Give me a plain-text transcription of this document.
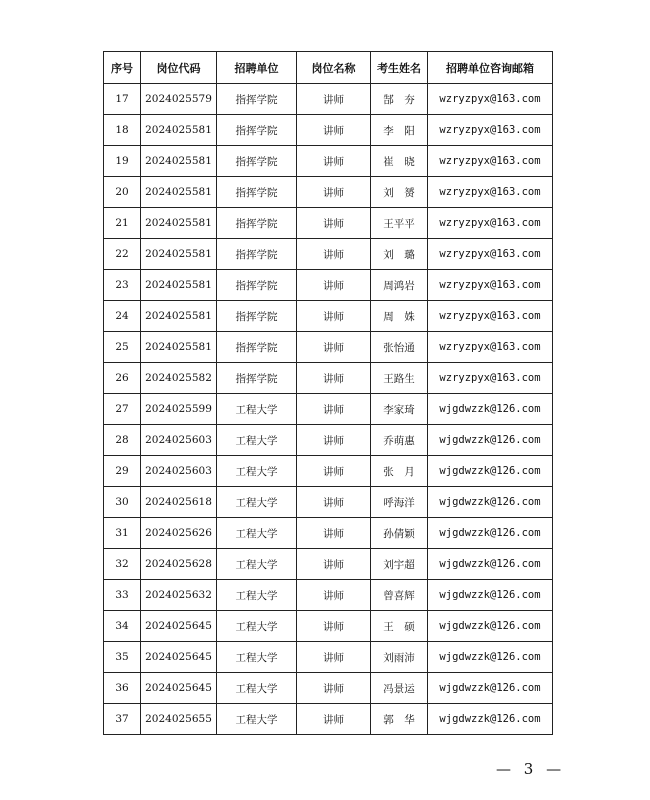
序号	岗位代码	招聘单位	岗位名称	考生姓名	招聘单位咨询邮箱
17	2024025579	指挥学院	讲师	郜　夯	wzryzpyx@163.com
18	2024025581	指挥学院	讲师	李　阳	wzryzpyx@163.com
19	2024025581	指挥学院	讲师	崔　晓	wzryzpyx@163.com
20	2024025581	指挥学院	讲师	刘　赟	wzryzpyx@163.com
21	2024025581	指挥学院	讲师	王平平	wzryzpyx@163.com
22	2024025581	指挥学院	讲师	刘　璐	wzryzpyx@163.com
23	2024025581	指挥学院	讲师	周鸿岩	wzryzpyx@163.com
24	2024025581	指挥学院	讲师	周　姝	wzryzpyx@163.com
25	2024025581	指挥学院	讲师	张怡通	wzryzpyx@163.com
26	2024025582	指挥学院	讲师	王路生	wzryzpyx@163.com
27	2024025599	工程大学	讲师	李家琦	wjgdwzzk@126.com
28	2024025603	工程大学	讲师	乔萌惠	wjgdwzzk@126.com
29	2024025603	工程大学	讲师	张　月	wjgdwzzk@126.com
30	2024025618	工程大学	讲师	呼海洋	wjgdwzzk@126.com
31	2024025626	工程大学	讲师	孙倩颖	wjgdwzzk@126.com
32	2024025628	工程大学	讲师	刘宇超	wjgdwzzk@126.com
33	2024025632	工程大学	讲师	曾喜辉	wjgdwzzk@126.com
34	2024025645	工程大学	讲师	王　硕	wjgdwzzk@126.com
35	2024025645	工程大学	讲师	刘雨沛	wjgdwzzk@126.com
36	2024025645	工程大学	讲师	冯景运	wjgdwzzk@126.com
37	2024025655	工程大学	讲师	郭　华	wjgdwzzk@126.com
— 3 —
